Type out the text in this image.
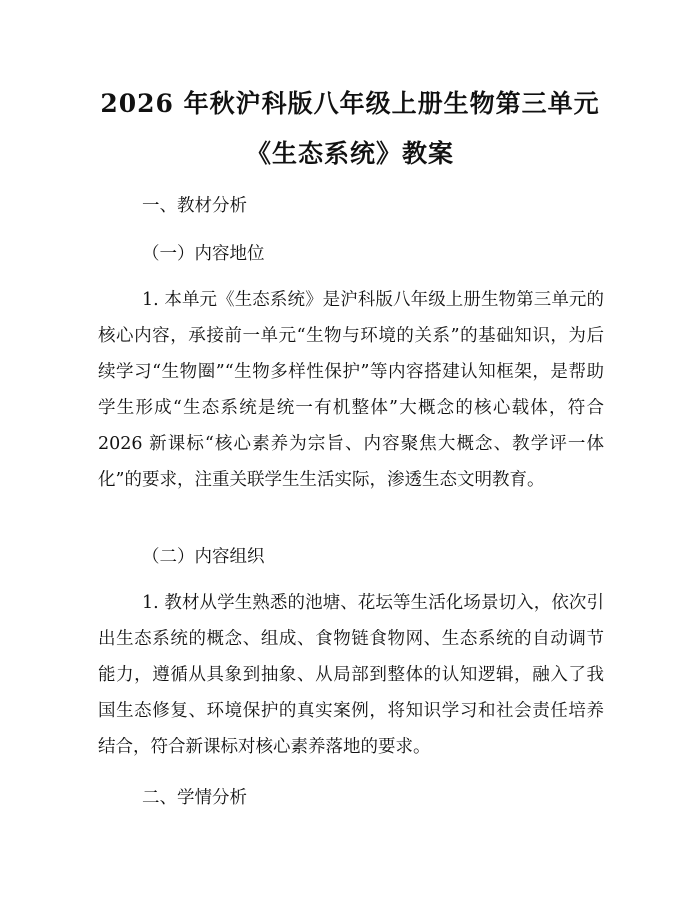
2026 年秋沪科版八年级上册生物第三单元
《生态系统》教案
一、教材分析
（一）内容地位

1. 本单元《生态系统》是沪科版八年级上册生物第三单元的核心内容，承接前一单元“生物与环境的关系”的基础知识，为后续学习“生物圈”“生物多样性保护”等内容搭建认知框架，是帮助学生形成“生态系统是统一有机整体”大概念的核心载体，符合 2026 新课标“核心素养为宗旨、内容聚焦大概念、教学评一体化”的要求，注重关联学生生活实际，渗透生态文明教育。

（二）内容组织

1. 教材从学生熟悉的池塘、花坛等生活化场景切入，依次引出生态系统的概念、组成、食物链食物网、生态系统的自动调节能力，遵循从具象到抽象、从局部到整体的认知逻辑，融入了我国生态修复、环境保护的真实案例，将知识学习和社会责任培养结合，符合新课标对核心素养落地的要求。

二、学情分析
